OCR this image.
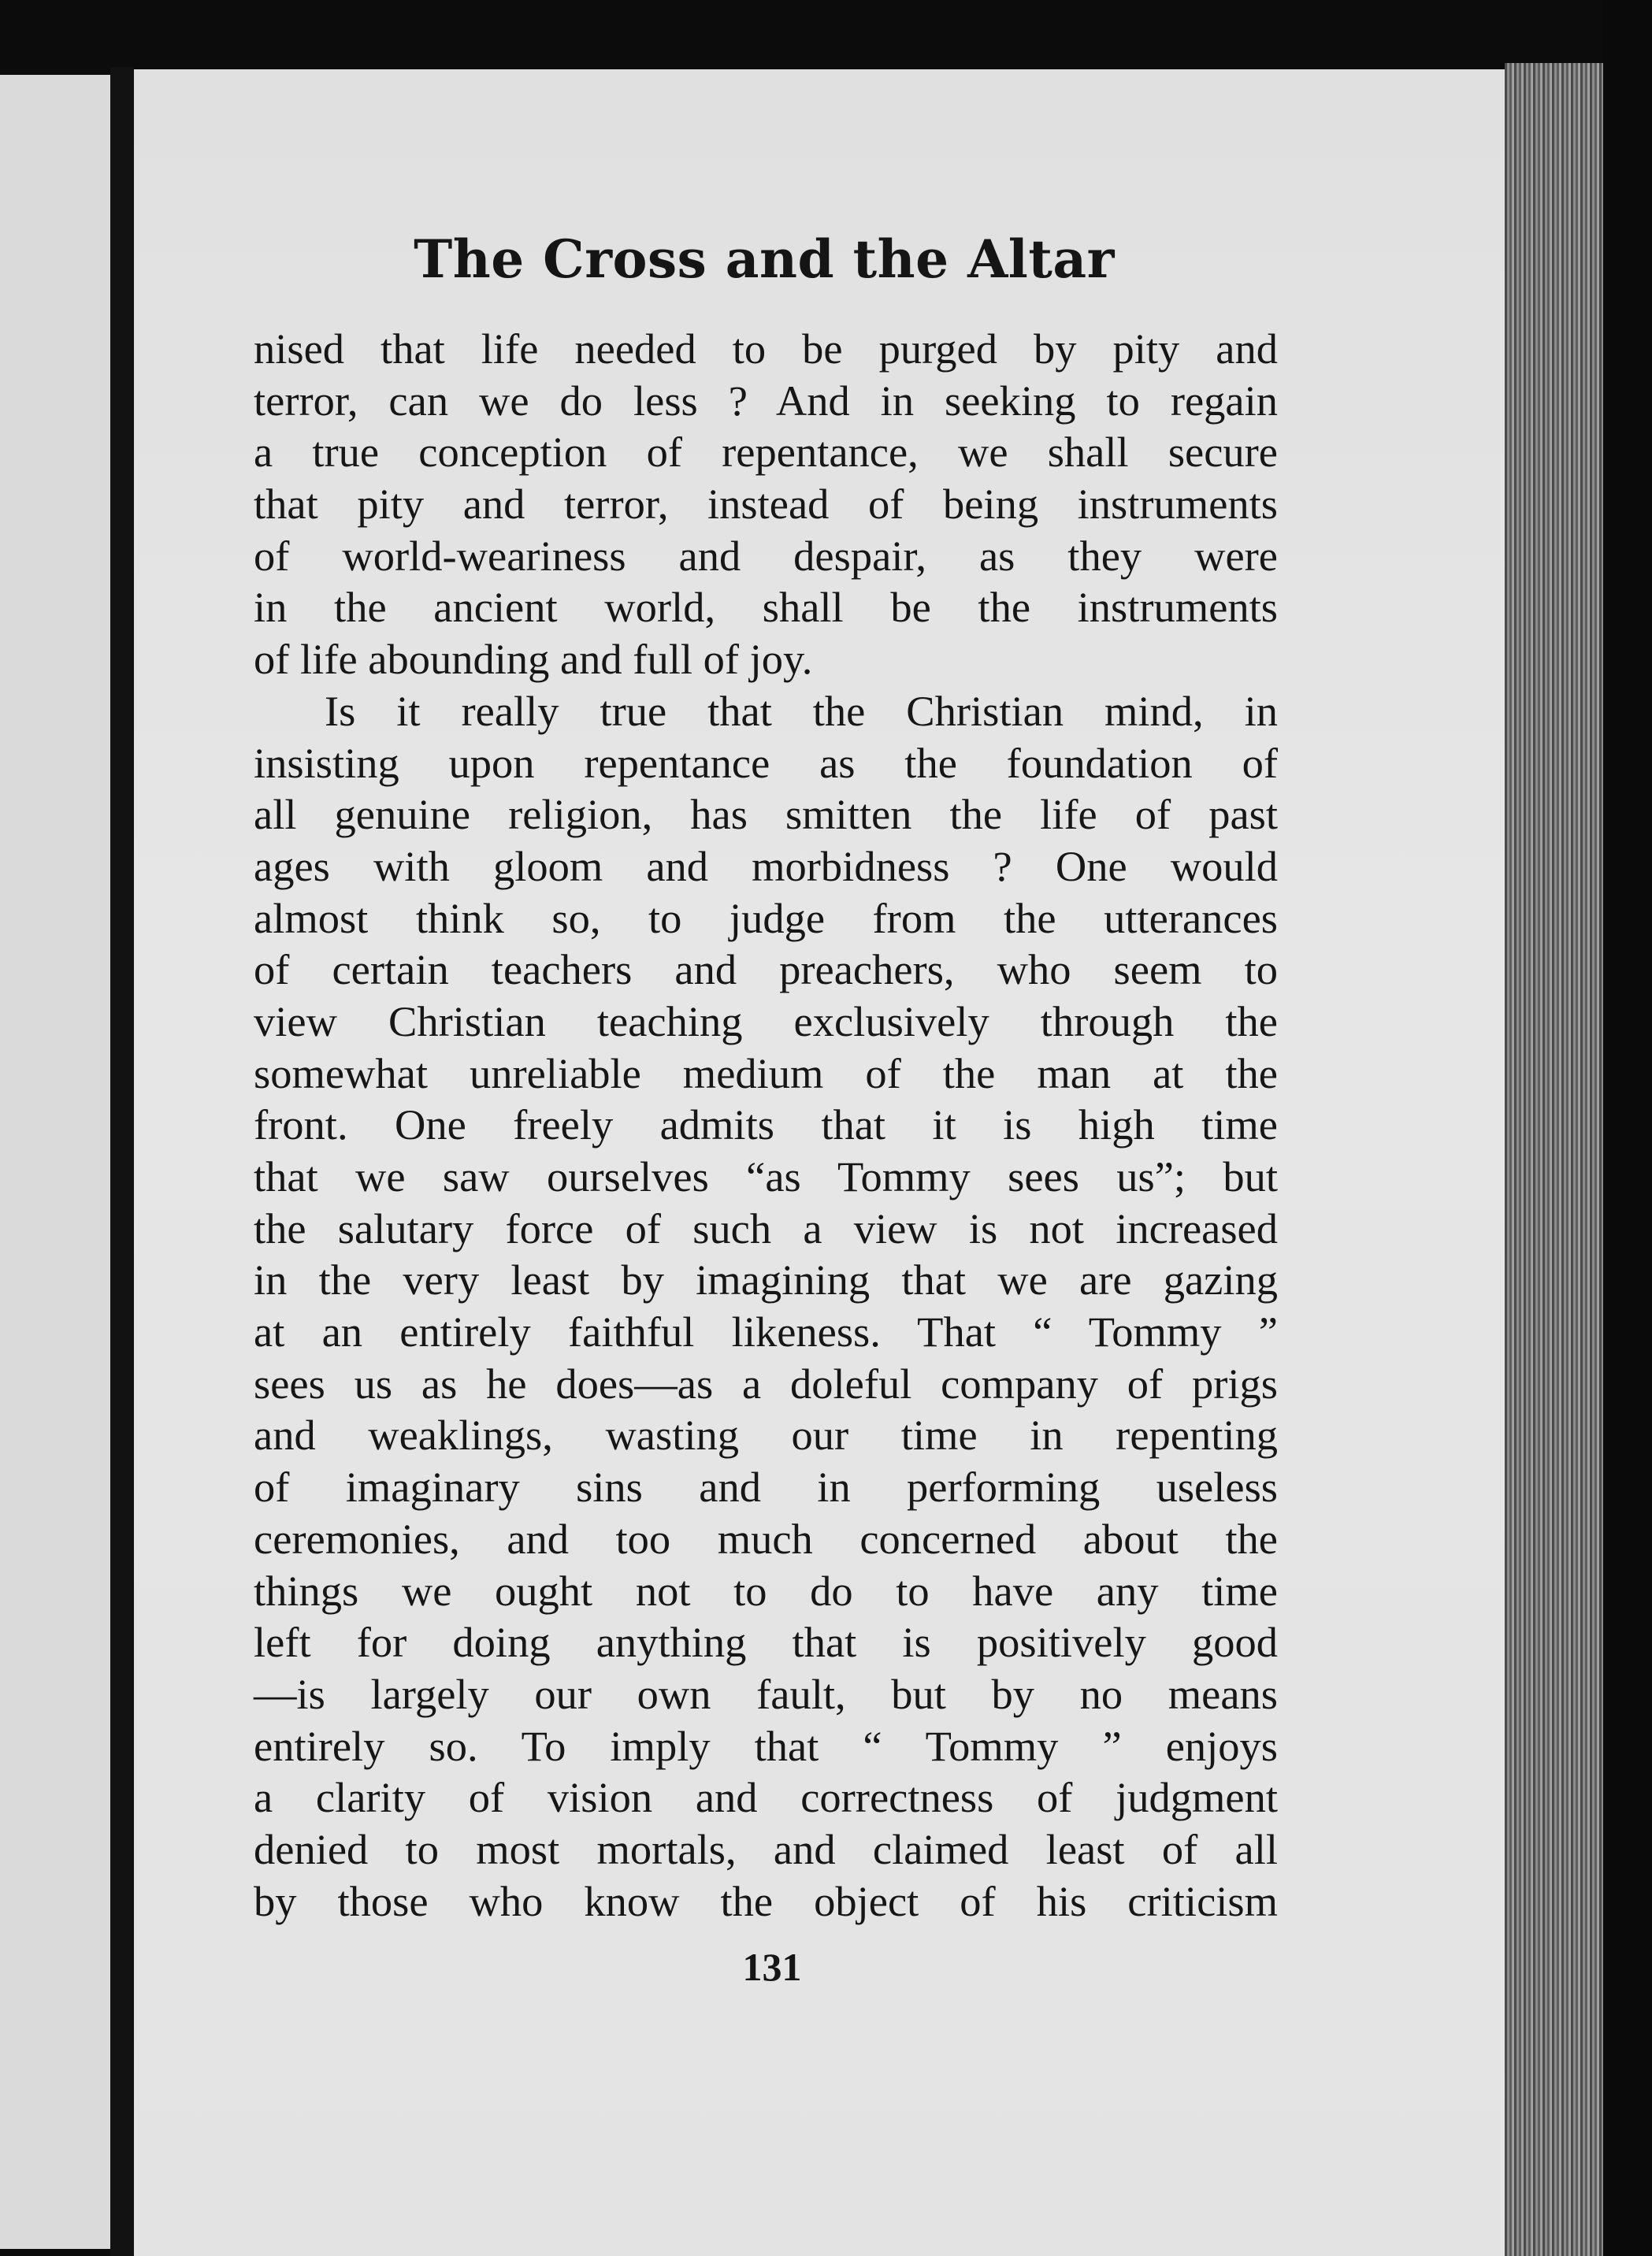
The Cross and the Altar
nised that life needed to be purged by pity and
terror, can we do less ? And in seeking to regain
a true conception of repentance, we shall secure
that pity and terror, instead of being instruments
of world-weariness and despair, as they were
in the ancient world, shall be the instruments
of life abounding and full of joy.
Is it really true that the Christian mind, in
insisting upon repentance as the foundation of
all genuine religion, has smitten the life of past
ages with gloom and morbidness ? One would
almost think so, to judge from the utterances
of certain teachers and preachers, who seem to
view Christian teaching exclusively through the
somewhat unreliable medium of the man at the
front. One freely admits that it is high time
that we saw ourselves “as Tommy sees us”; but
the salutary force of such a view is not increased
in the very least by imagining that we are gazing
at an entirely faithful likeness. That “ Tommy ”
sees us as he does—as a doleful company of prigs
and weaklings, wasting our time in repenting
of imaginary sins and in performing useless
ceremonies, and too much concerned about the
things we ought not to do to have any time
left for doing anything that is positively good
—is largely our own fault, but by no means
entirely so. To imply that “ Tommy ” enjoys
a clarity of vision and correctness of judgment
denied to most mortals, and claimed least of all
by those who know the object of his criticism
131
